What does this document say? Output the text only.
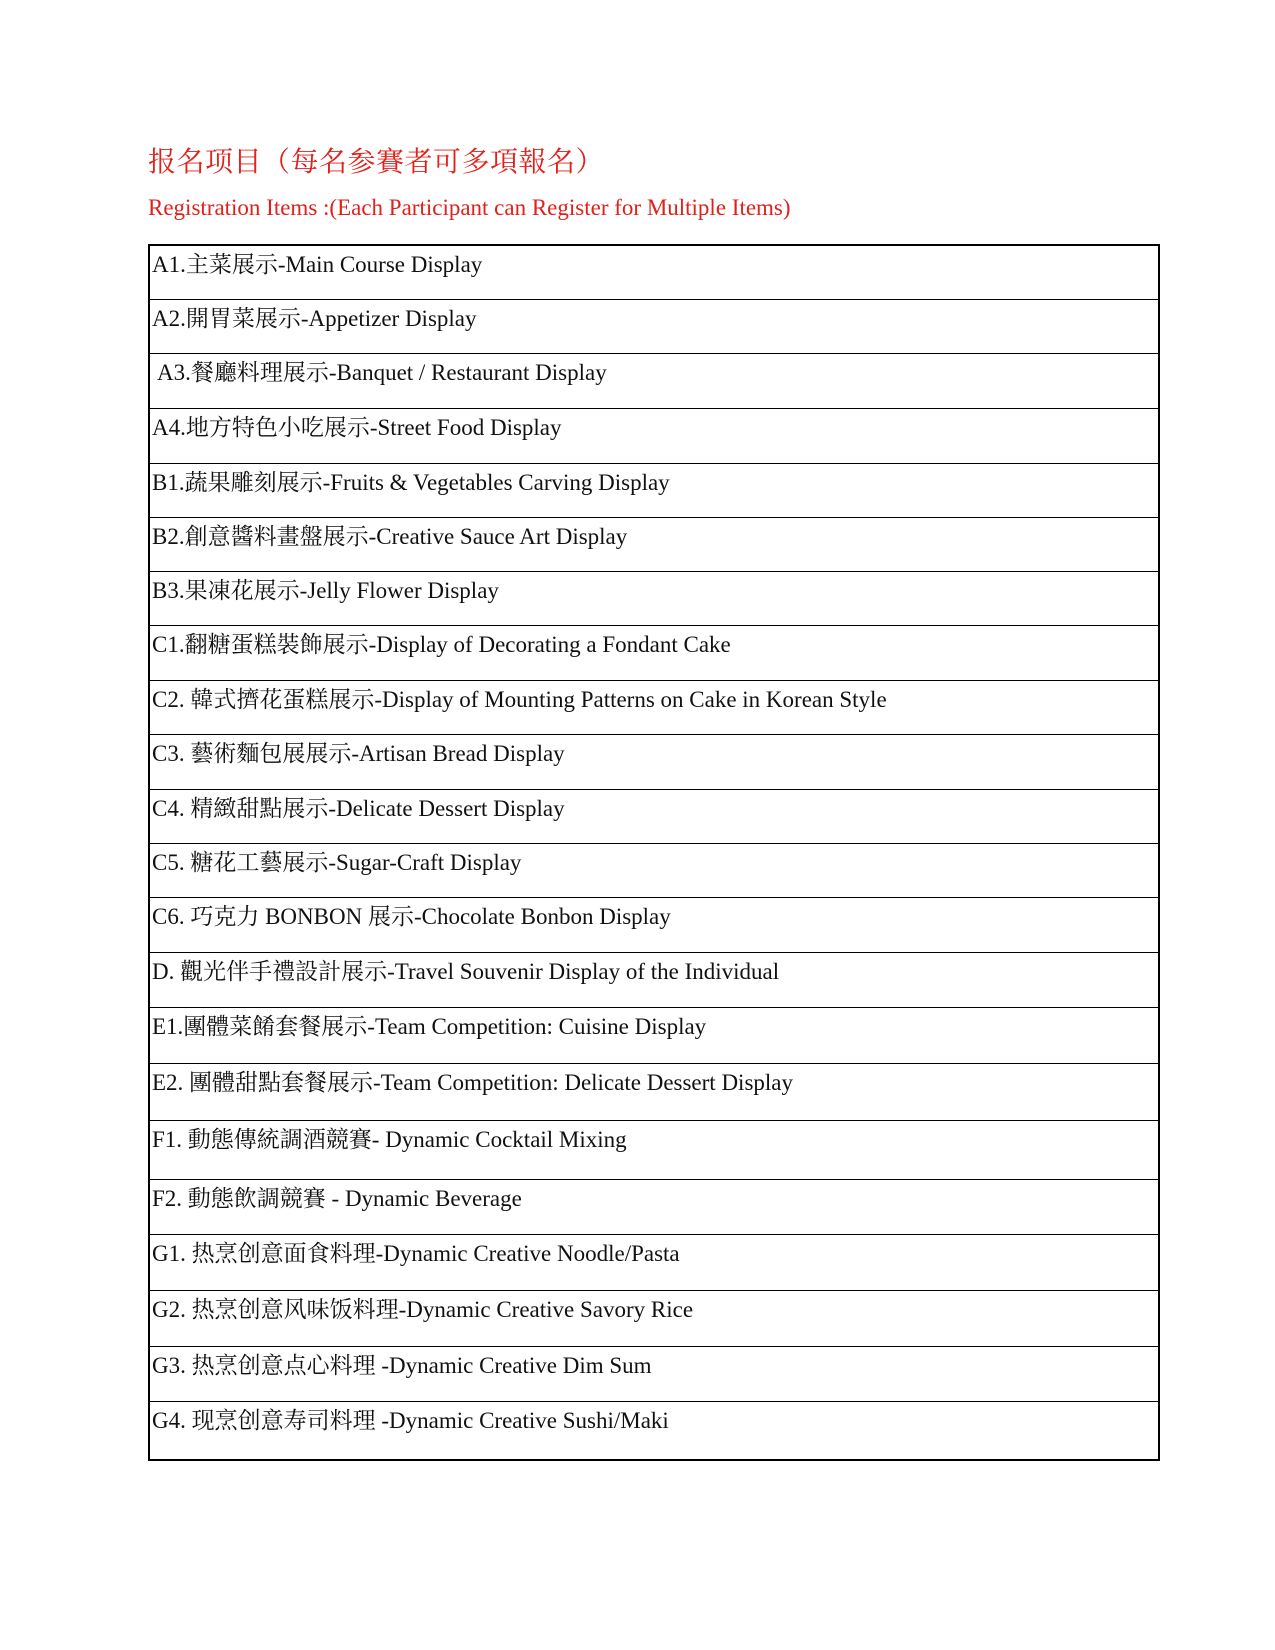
报名项目（每名参賽者可多項報名）
Registration Items :(Each Participant can Register for Multiple Items)
A1.主菜展示-Main Course Display
A2.開胃菜展示-Appetizer Display
A3.餐廳料理展示-Banquet / Restaurant Display
A4.地方特色小吃展示-Street Food Display
B1.蔬果雕刻展示-Fruits & Vegetables Carving Display
B2.創意醬料畫盤展示-Creative Sauce Art Display
B3.果凍花展示-Jelly Flower Display
C1.翻糖蛋糕裝飾展示-Display of Decorating a Fondant Cake
C2. 韓式擠花蛋糕展示-Display of Mounting Patterns on Cake in Korean Style
C3. 藝術麵包展展示-Artisan Bread Display
C4. 精緻甜點展示-Delicate Dessert Display
C5. 糖花工藝展示-Sugar-Craft Display
C6. 巧克力 BONBON 展示-Chocolate Bonbon Display
D. 觀光伴手禮設計展示-Travel Souvenir Display of the Individual
E1.團體菜餚套餐展示-Team Competition: Cuisine Display
E2. 團體甜點套餐展示-Team Competition: Delicate Dessert Display
F1. 動態傳統調酒競賽- Dynamic Cocktail Mixing
F2. 動態飲調競賽 - Dynamic Beverage
G1. 热烹创意面食料理-Dynamic Creative Noodle/Pasta
G2. 热烹创意风味饭料理-Dynamic Creative Savory Rice
G3. 热烹创意点心料理 -Dynamic Creative Dim Sum
G4. 现烹创意寿司料理 -Dynamic Creative Sushi/Maki
